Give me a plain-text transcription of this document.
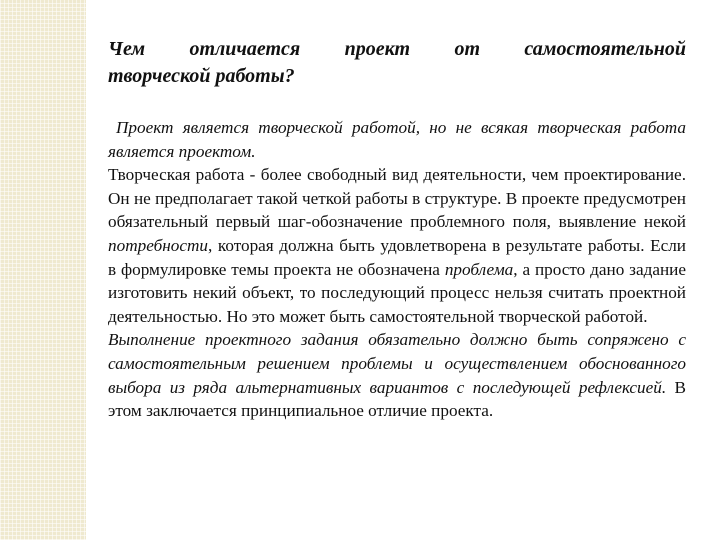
Чем отличается проект от самостоятельной
творческой работы?

Проект является творческой работой, но не всякая творческая работа является проектом.

Творческая работа - более свободный вид деятельности, чем проектирование. Он не предполагает такой четкой работы в структуре. В проекте предусмотрен обязательный первый шаг-обозначение проблемного поля, выявление некой потребности, которая должна быть удовлетворена в результате работы. Если в формулировке темы проекта не обозначена проблема, а просто дано задание изготовить некий объект, то последующий процесс нельзя считать проектной деятельностью. Но это может быть самостоятельной творческой работой.

Выполнение проектного задания обязательно должно быть сопряжено с самостоятельным решением проблемы и осуществлением обоснованного выбора из ряда альтернативных вариантов с последующей рефлексией. В этом заключается принципиальное отличие проекта.
